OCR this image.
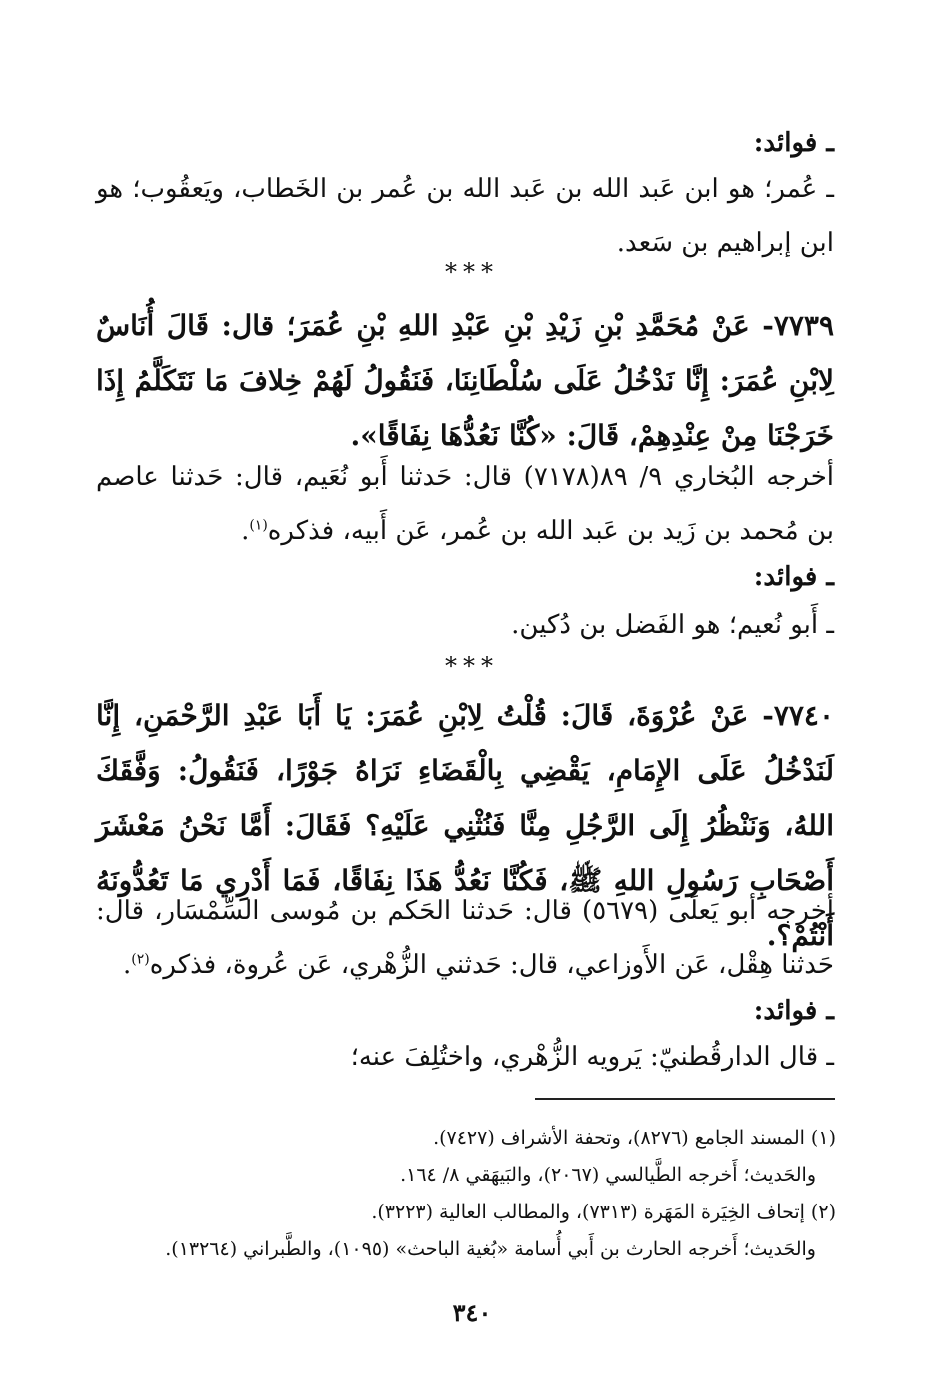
ـ فوائد:

ـ عُمر؛ هو ابن عَبد الله بن عَبد الله بن عُمر بن الخَطاب، ويَعقُوب؛ هو ابن إبراهيم بن سَعد.

***

٧٧٣٩- عَنْ مُحَمَّدِ بْنِ زَيْدِ بْنِ عَبْدِ اللهِ بْنِ عُمَرَ؛ قال: قَالَ أُنَاسٌ لِابْنِ عُمَرَ: إِنَّا نَدْخُلُ عَلَى سُلْطَانِنَا، فَنَقُولُ لَهُمْ خِلافَ مَا نَتَكَلَّمُ إِذَا خَرَجْنَا مِنْ عِنْدِهِمْ، قَالَ: «كُنَّا نَعُدُّهَا نِفَاقًا».

أخرجه البُخاري ٩/ ٨٩(٧١٧٨) قال: حَدثنا أَبو نُعَيم، قال: حَدثنا عاصم بن مُحمد بن زَيد بن عَبد الله بن عُمر، عَن أَبيه، فذكره$^{(١)}$.

ـ فوائد:

ـ أَبو نُعيم؛ هو الفَضل بن دُكين.

***

٧٧٤٠- عَنْ عُرْوَةَ، قَالَ: قُلْتُ لِابْنِ عُمَرَ: يَا أَبَا عَبْدِ الرَّحْمَنِ، إِنَّا لَنَدْخُلُ عَلَى الإِمَامِ، يَقْضِي بِالْقَضَاءِ نَرَاهُ جَوْرًا، فَنَقُولُ: وَفَّقَكَ اللهُ، وَنَنْظُرُ إِلَى الرَّجُلِ مِنَّا فَنُثْنِي عَلَيْهِ؟ فَقَالَ: أَمَّا نَحْنُ مَعْشَرَ أَصْحَابِ رَسُولِ اللهِ ﷺ، فَكُنَّا نَعُدُّ هَذَا نِفَاقًا، فَمَا أَدْرِي مَا تَعُدُّونَهُ أَنْتُمْ؟.

أخرجه أبو يَعلَى (٥٦٧٩) قال: حَدثنا الحَكم بن مُوسى السِّمْسَار، قال: حَدثنا هِقْل، عَن الأَوزاعي، قال: حَدثني الزُّهْري، عَن عُروة، فذكره$^{(٢)}$.

ـ فوائد:

ـ قال الدارقُطنيّ: يَرويه الزُّهْري، واختُلِفَ عنه؛

(١) المسند الجامع (٨٢٧٦)، وتحفة الأشراف (٧٤٢٧).

والحَديث؛ أَخرجه الطَّيالسي (٢٠٦٧)، والبَيهَقي ٨/ ١٦٤.

(٢) إتحاف الخِيَرة المَهَرة (٧٣١٣)، والمطالب العالية (٣٢٢٣).

والحَديث؛ أَخرجه الحارث بن أَبي أُسامة «بُغية الباحث» (١٠٩٥)، والطَّبراني (١٣٢٦٤).

٣٤٠
